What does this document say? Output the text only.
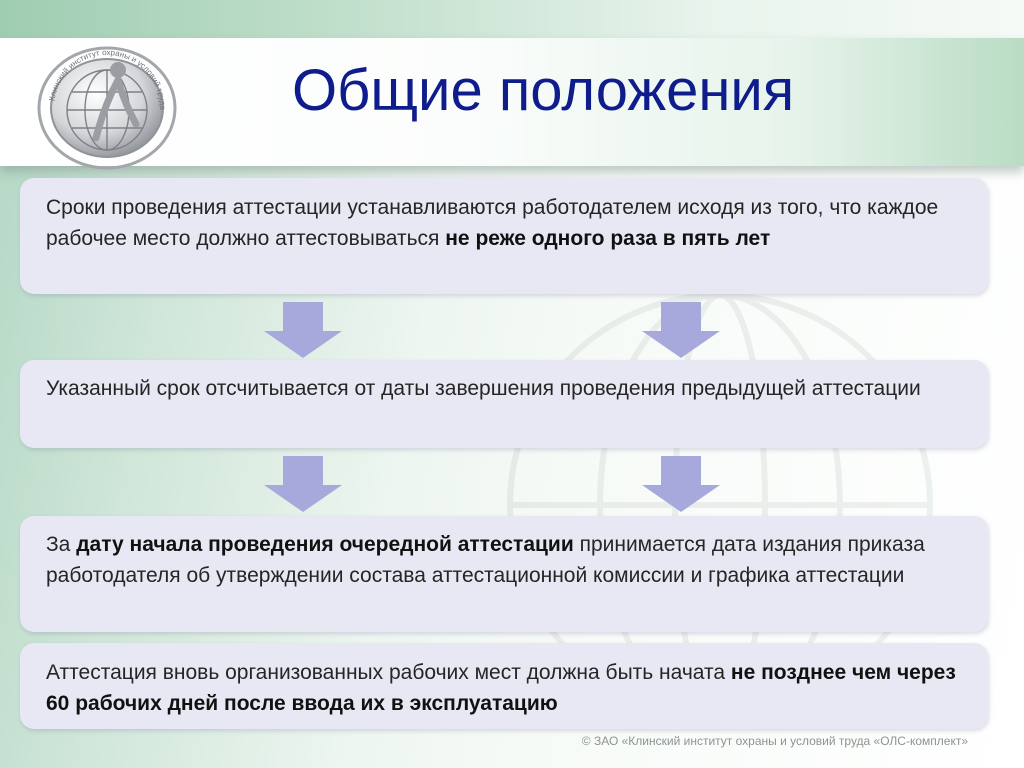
Клинский институт охраны и условий труда Общие положения
Сроки проведения аттестации устанавливаются работодателем исходя из того, что каждое рабочее место должно аттестовываться не реже одного раза в пять лет
Указанный срок отсчитывается от даты завершения проведения предыдущей аттестации
За дату начала проведения очередной аттестации принимается дата издания приказа работодателя об утверждении состава аттестационной комиссии и графика аттестации
Аттестация вновь организованных рабочих мест должна быть начата не позднее чем через 60 рабочих дней после ввода их в эксплуатацию
© ЗАО «Клинский институт охраны и условий труда «ОЛС-комплект»
